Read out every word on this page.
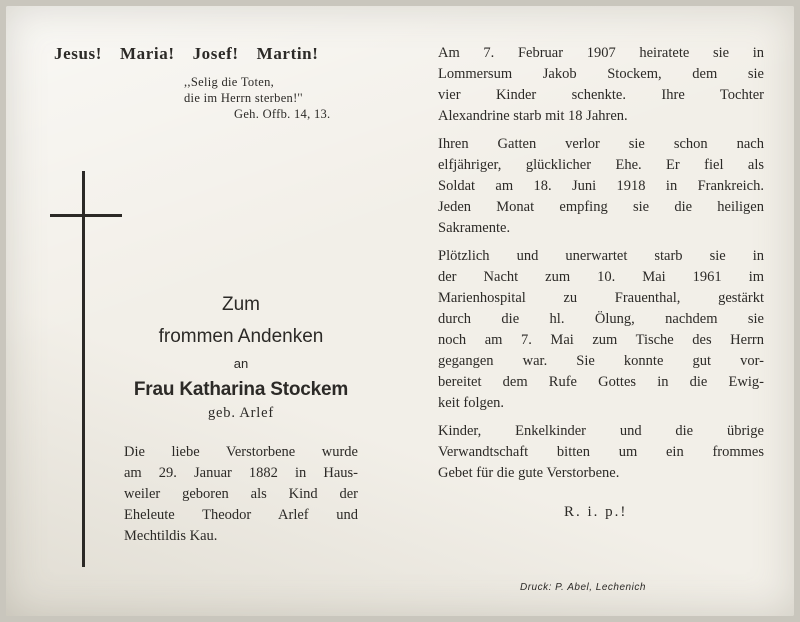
Jesus! Maria! Josef! Martin!
,,Selig die Toten,
die im Herrn sterben!''
Geh. Offb. 14, 13.
Zum
frommen Andenken
an
Frau Katharina Stockem
geb. Arlef
Die liebe Verstorbene wurde
am 29. Januar 1882 in Haus-
weiler geboren als Kind der
Eheleute Theodor Arlef und
Mechtildis Kau.
Am 7. Februar 1907 heiratete sie in
Lommersum Jakob Stockem, dem sie
vier Kinder schenkte. Ihre Tochter
Alexandrine starb mit 18 Jahren.
Ihren Gatten verlor sie schon nach
elfjähriger, glücklicher Ehe. Er fiel als
Soldat am 18. Juni 1918 in Frankreich.
Jeden Monat empfing sie die heiligen
Sakramente.
Plötzlich und unerwartet starb sie in
der Nacht zum 10. Mai 1961 im
Marienhospital zu Frauenthal, gestärkt
durch die hl. Ölung, nachdem sie
noch am 7. Mai zum Tische des Herrn
gegangen war. Sie konnte gut vor-
bereitet dem Rufe Gottes in die Ewig-
keit folgen.
Kinder, Enkelkinder und die übrige
Verwandtschaft bitten um ein frommes
Gebet für die gute Verstorbene.
R. i. p.!
Druck: P. Abel, Lechenich
